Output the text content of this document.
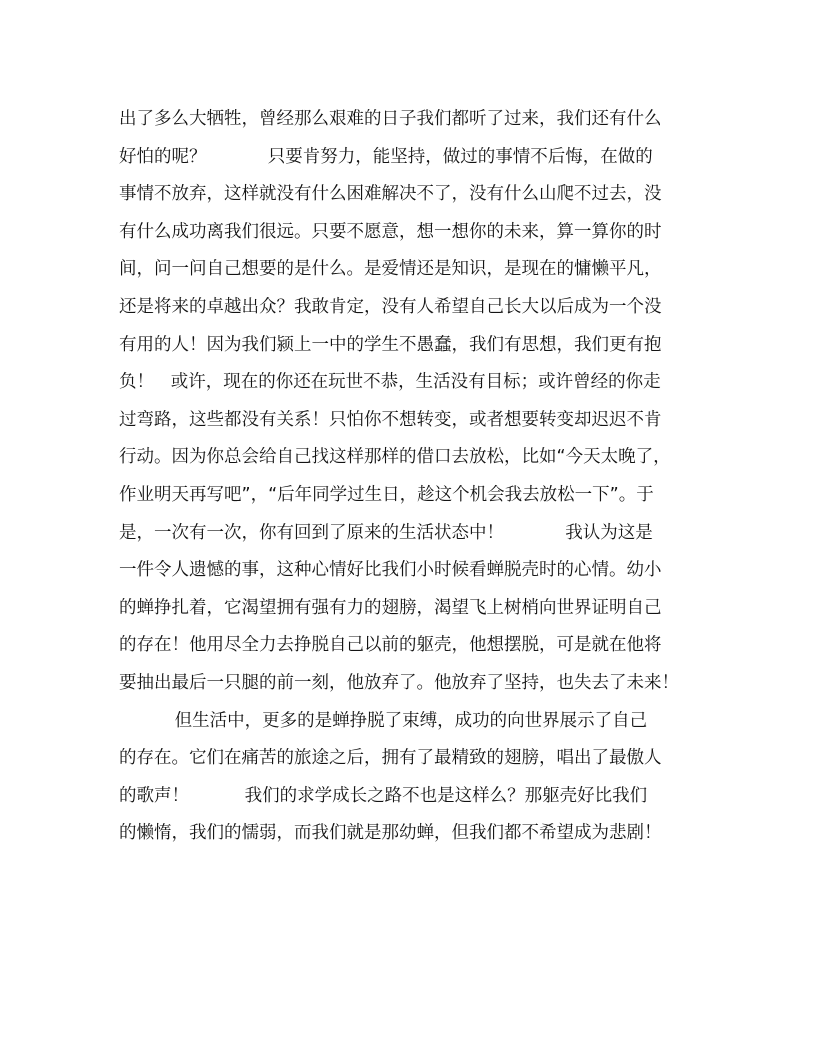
出了多么大牺牲，曾经那么艰难的日子我们都听了过来，我们还有什么
好怕的呢？           只要肯努力，能坚持，做过的事情不后悔，在做的
事情不放弃，这样就没有什么困难解决不了，没有什么山爬不过去，没
有什么成功离我们很远。只要不愿意，想一想你的未来，算一算你的时
间，问一问自己想要的是什么。是爱情还是知识，是现在的慵懒平凡，
还是将来的卓越出众？我敢肯定，没有人希望自己长大以后成为一个没
有用的人！因为我们颍上一中的学生不愚蠢，我们有思想，我们更有抱
负！   或许，现在的你还在玩世不恭，生活没有目标；或许曾经的你走
过弯路，这些都没有关系！只怕你不想转变，或者想要转变却迟迟不肯
行动。因为你总会给自己找这样那样的借口去放松，比如“今天太晚了，
作业明天再写吧”，“后年同学过生日，趁这个机会我去放松一下”。于
是，一次有一次，你有回到了原来的生活状态中！           我认为这是
一件令人遗憾的事，这种心情好比我们小时候看蝉脱壳时的心情。幼小
的蝉挣扎着，它渴望拥有强有力的翅膀，渴望飞上树梢向世界证明自己
的存在！他用尽全力去挣脱自己以前的躯壳，他想摆脱，可是就在他将
要抽出最后一只腿的前一刻，他放弃了。他放弃了坚持，也失去了未来！
但生活中，更多的是蝉挣脱了束缚，成功的向世界展示了自己
的存在。它们在痛苦的旅途之后，拥有了最精致的翅膀，唱出了最傲人
的歌声！          我们的求学成长之路不也是这样么？那躯壳好比我们
的懒惰，我们的懦弱，而我们就是那幼蝉，但我们都不希望成为悲剧！
